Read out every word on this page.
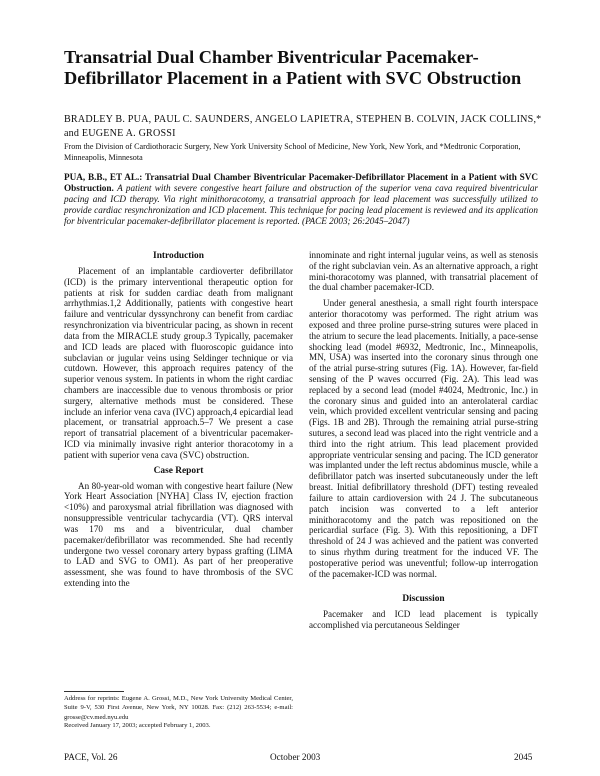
Transatrial Dual Chamber Biventricular Pacemaker-Defibrillator Placement in a Patient with SVC Obstruction

BRADLEY B. PUA, PAUL C. SAUNDERS, ANGELO LAPIETRA, STEPHEN B. COLVIN, JACK COLLINS,* and EUGENE A. GROSSI

From the Division of Cardiothoracic Surgery, New York University School of Medicine, New York, New York, and *Medtronic Corporation, Minneapolis, Minnesota

PUA, B.B., ET AL.: Transatrial Dual Chamber Biventricular Pacemaker-Defibrillator Placement in a Patient with SVC Obstruction. A patient with severe congestive heart failure and obstruction of the superior vena cava required biventricular pacing and ICD therapy. Via right minithoracotomy, a transatrial approach for lead placement was successfully utilized to provide cardiac resynchronization and ICD placement. This technique for pacing lead placement is reviewed and its application for biventricular pacemaker-defibrillator placement is reported. (PACE 2003; 26:2045–2047)

Introduction

Placement of an implantable cardioverter defibrillator (ICD) is the primary interventional therapeutic option for patients at risk for sudden cardiac death from malignant arrhythmias.1,2 Additionally, patients with congestive heart failure and ventricular dyssynchrony can benefit from cardiac resynchronization via biventricular pacing, as shown in recent data from the MIRACLE study group.3 Typically, pacemaker and ICD leads are placed with fluoroscopic guidance into subclavian or jugular veins using Seldinger technique or via cutdown. However, this approach requires patency of the superior venous system. In patients in whom the right cardiac chambers are inaccessible due to venous thrombosis or prior surgery, alternative methods must be considered. These include an inferior vena cava (IVC) approach,4 epicardial lead placement, or transatrial approach.5–7 We present a case report of transatrial placement of a biventricular pacemaker-ICD via minimally invasive right anterior thoracotomy in a patient with superior vena cava (SVC) obstruction.

Case Report

An 80-year-old woman with congestive heart failure (New York Heart Association [NYHA] Class IV, ejection fraction <10%) and paroxysmal atrial fibrillation was diagnosed with nonsuppressible ventricular tachycardia (VT). QRS interval was 170 ms and a biventricular, dual chamber pacemaker/defibrillator was recommended. She had recently undergone two vessel coronary artery bypass grafting (LIMA to LAD and SVG to OM1). As part of her preoperative assessment, she was found to have thrombosis of the SVC extending into the

innominate and right internal jugular veins, as well as stenosis of the right subclavian vein. As an alternative approach, a right mini-thoracotomy was planned, with transatrial placement of the dual chamber pacemaker-ICD.

Under general anesthesia, a small right fourth interspace anterior thoracotomy was performed. The right atrium was exposed and three proline purse-string sutures were placed in the atrium to secure the lead placements. Initially, a pace-sense shocking lead (model #6932, Medtronic, Inc., Minneapolis, MN, USA) was inserted into the coronary sinus through one of the atrial purse-string sutures (Fig. 1A). However, far-field sensing of the P waves occurred (Fig. 2A). This lead was replaced by a second lead (model #4024, Medtronic, Inc.) in the coronary sinus and guided into an anterolateral cardiac vein, which provided excellent ventricular sensing and pacing (Figs. 1B and 2B). Through the remaining atrial purse-string sutures, a second lead was placed into the right ventricle and a third into the right atrium. This lead placement provided appropriate ventricular sensing and pacing. The ICD generator was implanted under the left rectus abdominus muscle, while a defibrillator patch was inserted subcutaneously under the left breast. Initial defibrillatory threshold (DFT) testing revealed failure to attain cardioversion with 24 J. The subcutaneous patch incision was converted to a left anterior minithoracotomy and the patch was repositioned on the pericardial surface (Fig. 3). With this repositioning, a DFT threshold of 24 J was achieved and the patient was converted to sinus rhythm during treatment for the induced VF. The postoperative period was uneventful; follow-up interrogation of the pacemaker-ICD was normal.

Discussion

Pacemaker and ICD lead placement is typically accomplished via percutaneous Seldinger

Address for reprints: Eugene A. Grossi, M.D., New York University Medical Center, Suite 9-V, 530 First Avenue, New York, NY 10028. Fax: (212) 263-5534; e-mail: grosse@cv.med.nyu.edu

Received January 17, 2003; accepted February 1, 2003.

PACE, Vol. 26	October 2003	2045
